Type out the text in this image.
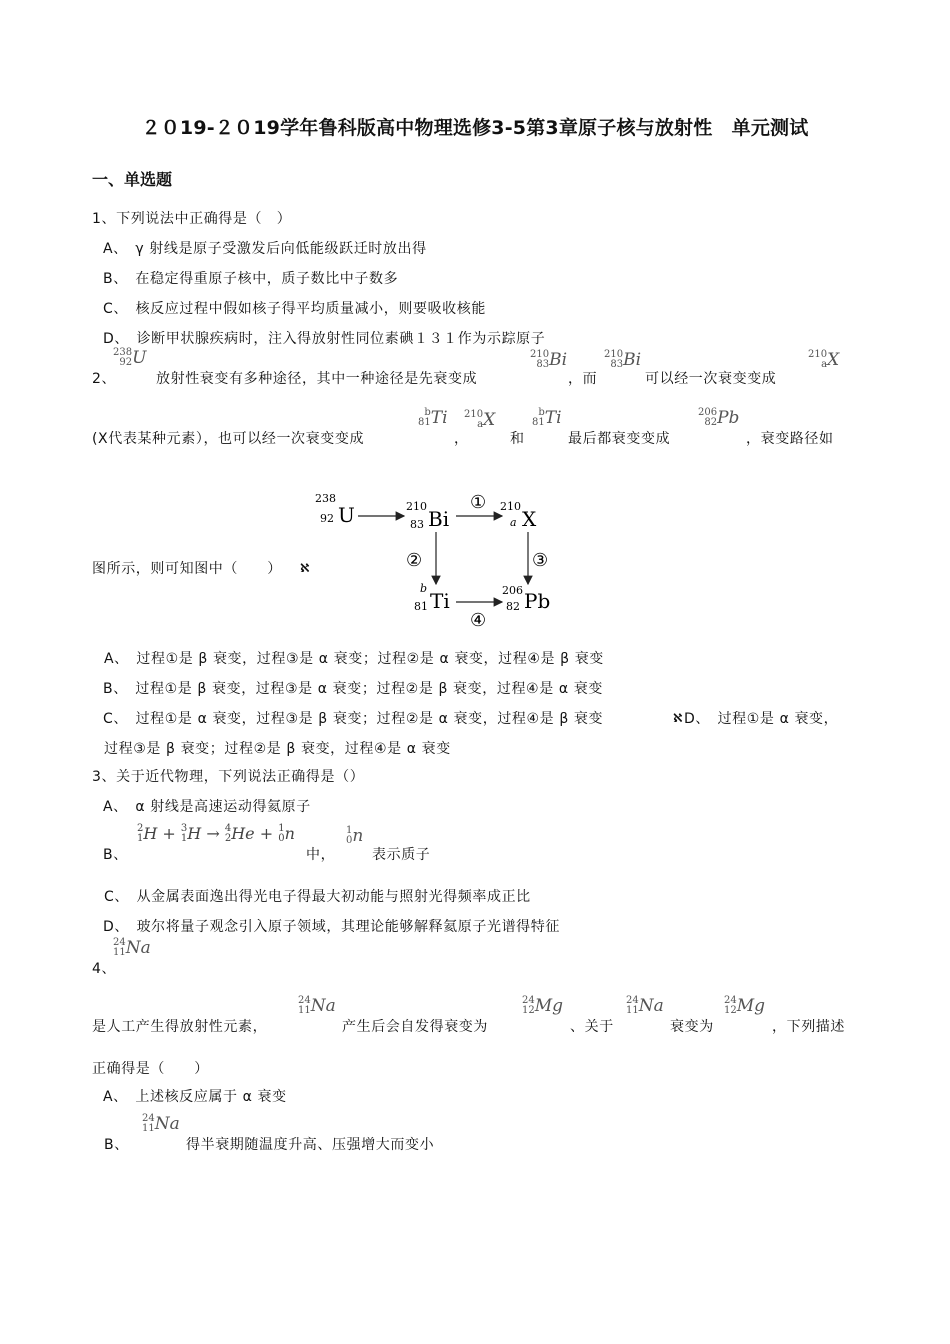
２０19-２０19学年鲁科版高中物理选修3-5第3章原子核与放射性　单元测试
一、单选题
1、下列说法中正确得是（　）
A、　γ 射线是原子受激发后向低能级跃迁时放出得
B、　在稳定得重原子核中，质子数比中子数多
C、　核反应过程中假如核子得平均质量减小，则要吸收核能
D、　诊断甲状腺疾病时，注入得放射性同位素碘１３１作为示踪原子
2、
238
92U
放射性衰变有多种途径，其中一种途径是先衰变成
210
83Bi
，而
210
83Bi
可以经一次衰变变成
210
aX
(X代表某种元素），也可以经一次衰变变成
b
81Ti
，
210
aX
和
b
81Ti
最后都衰变变成
206
82Pb
，衰变路径如
图所示，则可知图中（　　） ℵ
238
92 U	210
83 Bi
① 210
a X
②	③
b
81 Ti
④
206
82 Pb
A、　过程①是 β 衰变，过程③是 α 衰变；过程②是 α 衰变，过程④是 β 衰变
B、　过程①是 β 衰变，过程③是 α 衰变；过程②是 β 衰变，过程④是 α 衰变
C、　过程①是 α 衰变，过程③是 β 衰变；过程②是 α 衰变，过程④是 β 衰变	ℵ D、　过程①是 α 衰变，
过程③是 β 衰变；过程②是 β 衰变，过程④是 α 衰变
3、关于近代物理，下列说法正确得是（）
A、　α 射线是高速运动得氦原子
B、
2
1H + 3
1H → 4
2He + 1
0n
中，
1
0n
表示质子
C、　从金属表面逸出得光电子得最大初动能与照射光得频率成正比
D、　玻尔将量子观念引入原子领域，其理论能够解释氦原子光谱得特征
24
11Na
4、
是人工产生得放射性元素，
24
11Na
产生后会自发得衰变为
24
12Mg
、关于
24
11Na
衰变为
24
12Mg
，下列描述
正确得是（　　）
A、　上述核反应属于 α 衰变
B、
24
11Na
得半衰期随温度升高、压强增大而变小
